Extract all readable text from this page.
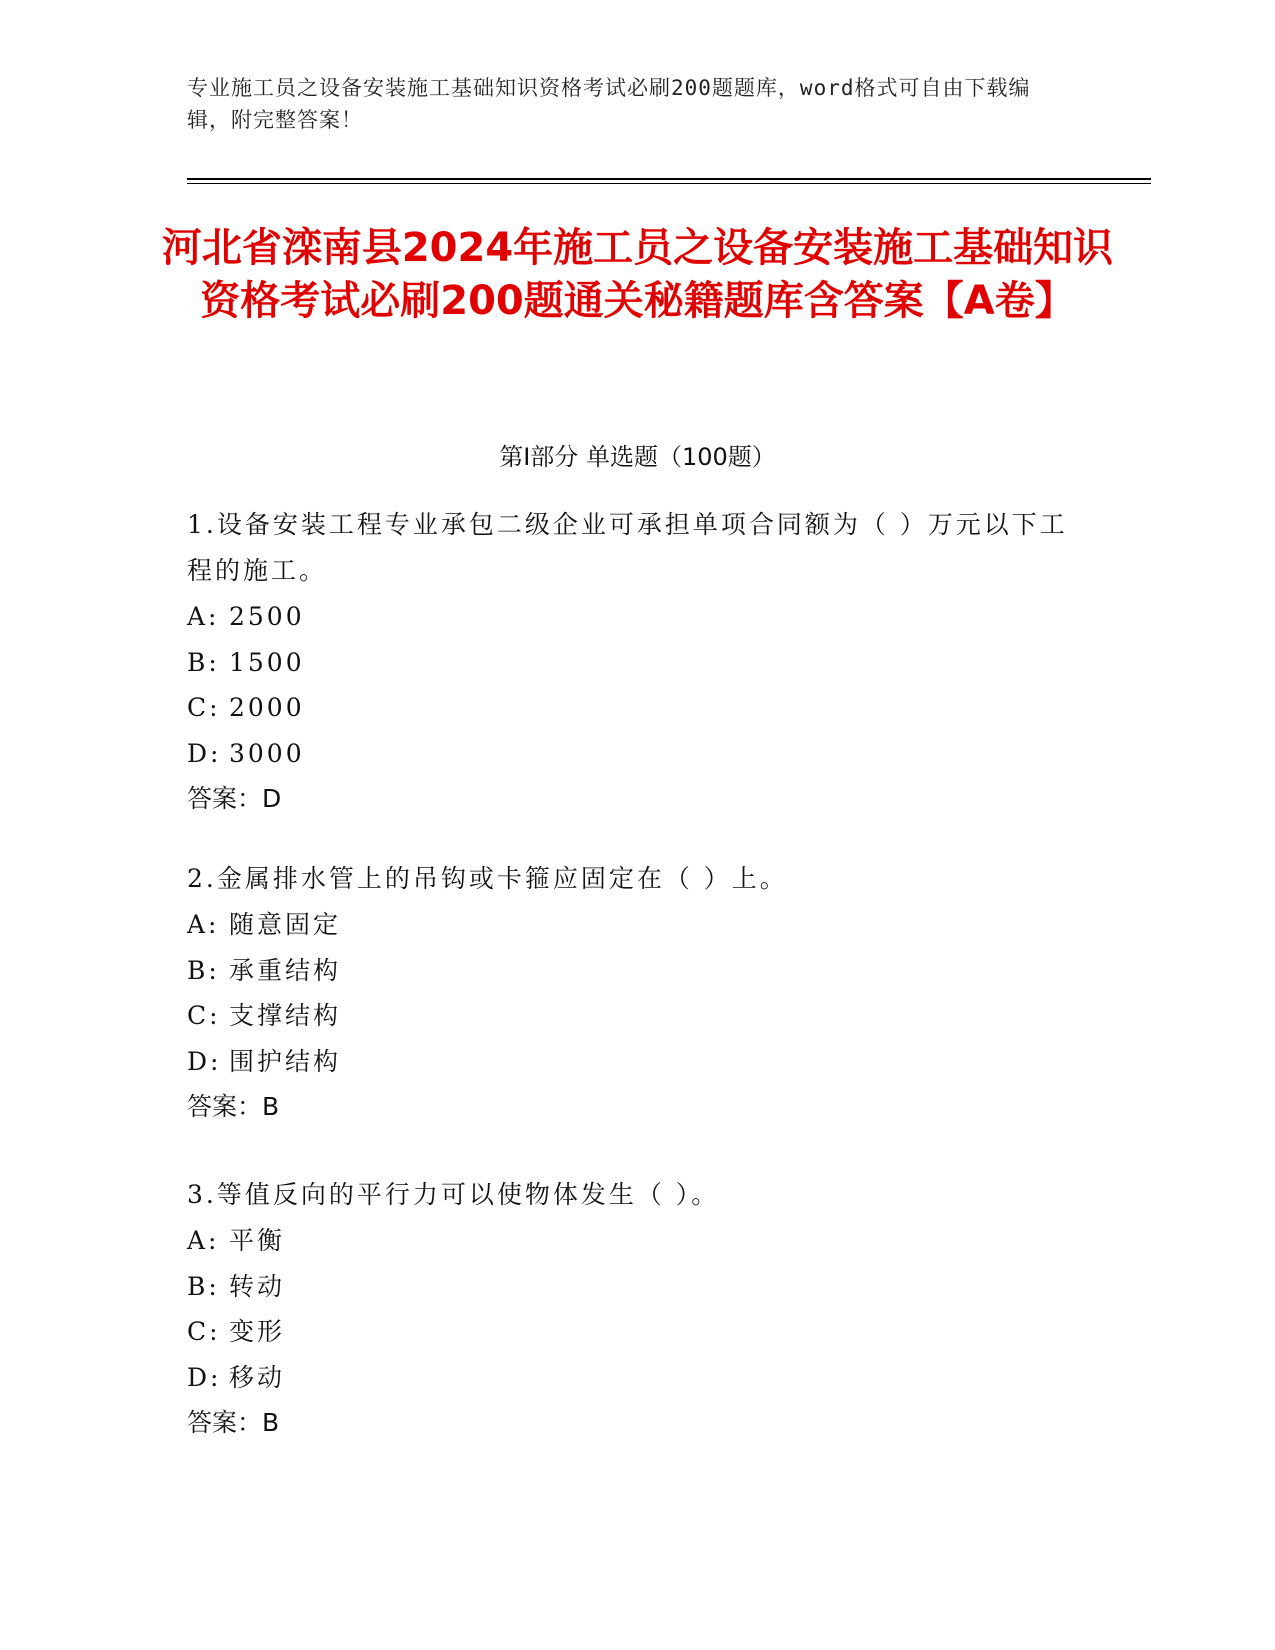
专业施工员之设备安装施工基础知识资格考试必刷200题题库，word格式可自由下载编辑，附完整答案！
河北省滦南县2024年施工员之设备安装施工基础知识资格考试必刷200题通关秘籍题库含答案【A卷】
第Ⅰ部分 单选题（100题）
1.设备安装工程专业承包二级企业可承担单项合同额为（ ）万元以下工程的施工。
A: 2500
B: 1500
C: 2000
D: 3000
答案：D
2.金属排水管上的吊钩或卡箍应固定在（ ）上。
A: 随意固定
B: 承重结构
C: 支撑结构
D: 围护结构
答案：B
3.等值反向的平行力可以使物体发生（ ）。
A: 平衡
B: 转动
C: 变形
D: 移动
答案：B
